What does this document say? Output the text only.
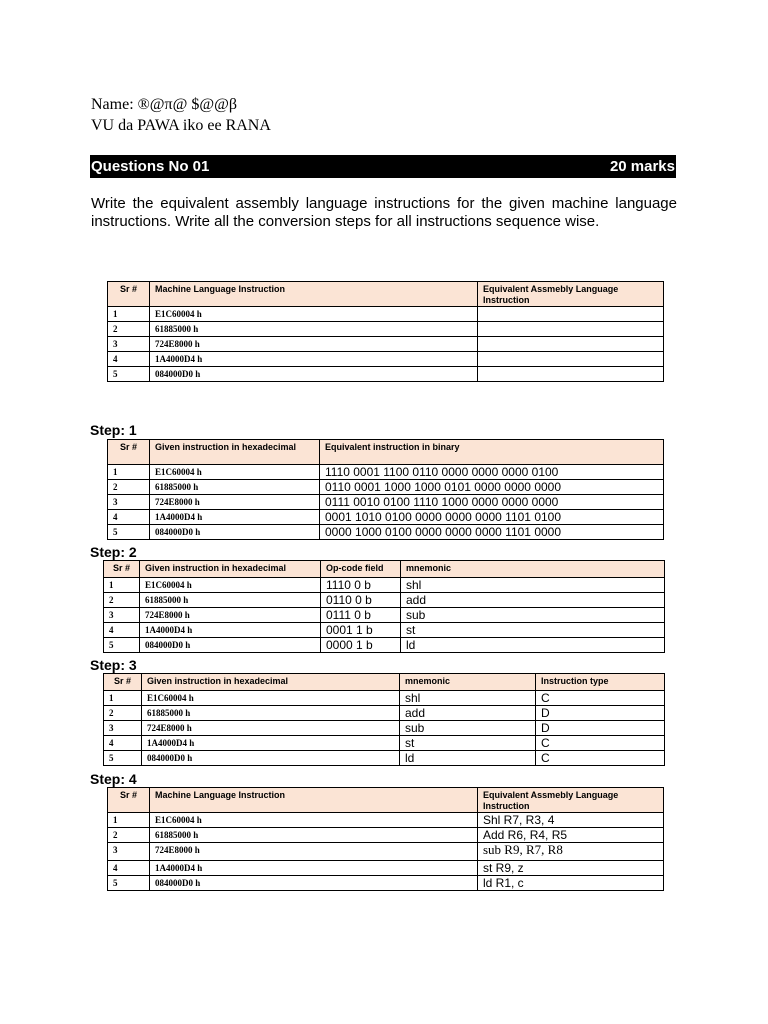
Name: ®@π@ $@@β
VU da PAWA iko ee RANA
Questions No 01	20 marks
Write the equivalent assembly language instructions for the given machine language instructions. Write all the conversion steps for all instructions sequence wise.
Sr #	Machine Language Instruction	Equivalent Assmebly Language Instruction
1	E1C60004 h	
2	61885000 h	
3	724E8000 h	
4	1A4000D4 h	
5	084000D0 h	
Step: 1
Sr #	Given instruction in hexadecimal	Equivalent instruction in binary
1	E1C60004 h	1110 0001 1100 0110 0000 0000 0000 0100
2	61885000 h	0110 0001 1000 1000 0101 0000 0000 0000
3	724E8000 h	0111 0010 0100 1110 1000 0000 0000 0000
4	1A4000D4 h	0001 1010 0100 0000 0000 0000 1101 0100
5	084000D0 h	0000 1000 0100 0000 0000 0000 1101 0000
Step: 2
Sr #	Given instruction in hexadecimal	Op-code field	mnemonic
1	E1C60004 h	1110 0 b	shl
2	61885000 h	0110 0 b	add
3	724E8000 h	0111 0 b	sub
4	1A4000D4 h	0001 1 b	st
5	084000D0 h	0000 1 b	ld
Step: 3
Sr #	Given instruction in hexadecimal	mnemonic	Instruction type
1	E1C60004 h	shl	C
2	61885000 h	add	D
3	724E8000 h	sub	D
4	1A4000D4 h	st	C
5	084000D0 h	ld	C
Step: 4
Sr #	Machine Language Instruction	Equivalent Assmebly Language Instruction
1	E1C60004 h	Shl R7, R3, 4
2	61885000 h	Add R6, R4, R5
3	724E8000 h	sub R9, R7, R8
4	1A4000D4 h	st R9, z
5	084000D0 h	ld R1, c
